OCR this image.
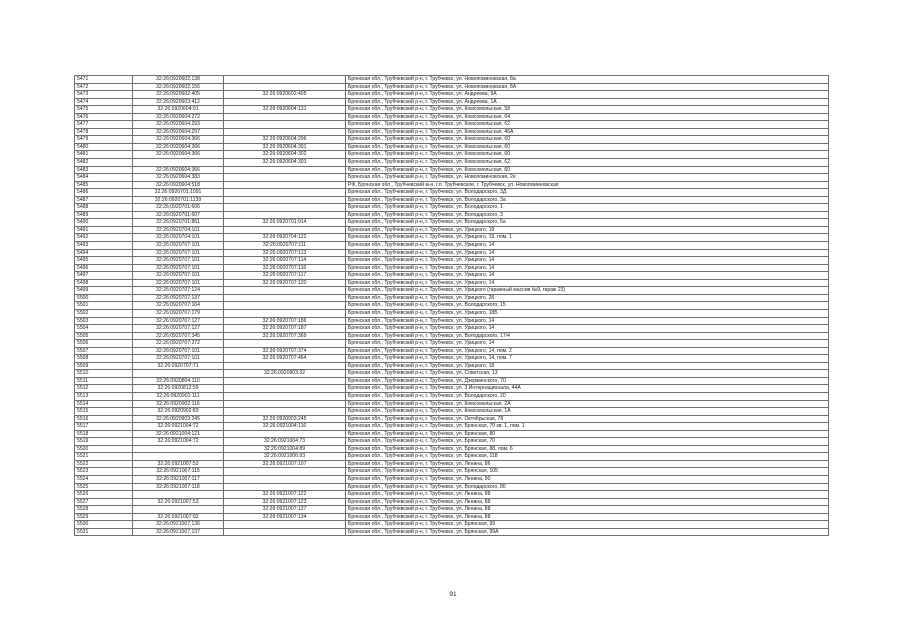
5471	32:26:0920602:138		Брянская обл., Трубчевский р-н, г. Трубчевск, ул. Новопоминовская, 8а
5472	32:26:0920602:156		Брянская обл., Трубчевский р-н, г. Трубчевск, ул. Новопоминовская, 8А
5473	32:26:0920602:405	32:26:0920602:405	Брянская обл., Трубчевский р-н, г. Трубчевск, ул. Андреева, 9А
5474	32:26:0920603:412		Брянская обл., Трубчевский р-н, г. Трубчевск, ул. Андреева, 1А
5475	32:26:0920604:91	32:26:0920604:131	Брянская обл., Трубчевский р-н, г. Трубчевск, ул. Комсомольская, 58
5476	32:26:0920604:272		Брянская обл., Трубчевский р-н, г. Трубчевск, ул. Комсомольская, 64
5477	32:26:0920604:293		Брянская обл., Трубчевский р-н, г. Трубчевск, ул. Комсомольская, 62
5478	32:26:0920604:297		Брянская обл., Трубчевский р-н, г. Трубчевск, ул. Комсомольская, 46А
5479	32:26:0920604:366	32:26:0920604:296	Брянская обл., Трубчевский р-н, г. Трубчевск, ул. Комсомольская, 60
5480	32:26:0920604:366	32:26:0920604:301	Брянская обл., Трубчевский р-н, г. Трубчевск, ул. Комсомольская, 60
5481	32:26:0920604:366	32:26:0920604:302	Брянская обл., Трубчевский р-н, г. Трубчевск, ул. Комсомольская, 60
5482		32:26:0920604:303	Брянская обл., Трубчевский р-н, г. Трубчевск, ул. Комсомольская, 62
5483	32:26:0920604:366		Брянская обл., Трубчевский р-н, г. Трубчевск, ул. Комсомольская, 60
5484	32:26:0920604:383		Брянская обл., Трубчевский р-н, г. Трубчевск, ул. Новопоминовская, 2е
5485	32:26:0920604:518		РФ, Брянская обл., Трубчевский м-н, г.п. Трубчевское, г. Трубчевск, ул. Новопоминовская
5486	32:26:0920701:1091		Брянская обл., Трубчевский р-н, г. Трубчевск, ул. Володарского, 3Д
5487	32:26:0920701:1139		Брянская обл., Трубчевский р-н, г. Трубчевск, ул. Володарского, 3а
5488	32:26:0920701:606		Брянская обл., Трубчевский р-н, г. Трубчевск, ул. Володарского, 1
5489	32:26:0920701:607		Брянская обл., Трубчевский р-н, г. Трубчевск, ул. Володарского, 3
5490	32:26:0920701:861	32:26:0920701:914	Брянская обл., Трубчевский р-н, г. Трубчевск, ул. Володарского, 5а
5491	32:26:0920704:101		Брянская обл., Трубчевский р-н, г. Трубчевск, ул. Урицкого, 19
5492	32:26:0920704:101	32:26:0920704:122	Брянская обл., Трубчевский р-н, г. Трубчевск, ул. Урицкого, 19, пом. 1
5493	32:26:0920707:101	32:26:0920707:111	Брянская обл., Трубчевский р-н, г. Трубчевск, ул. Урицкого, 14
5494	32:26:0920707:101	32:26:0920707:113	Брянская обл., Трубчевский р-н, г. Трубчевск, ул. Урицкого, 14
5495	32:26:0920707:101	32:26:0920707:114	Брянская обл., Трубчевский р-н, г. Трубчевск, ул. Урицкого, 14
5496	32:26:0920707:101	32:26:0920707:116	Брянская обл., Трубчевский р-н, г. Трубчевск, ул. Урицкого, 14
5497	32:26:0920707:101	32:26:0920707:117	Брянская обл., Трубчевский р-н, г. Трубчевск, ул. Урицкого, 14
5498	32:26:0920707:101	32:26:0920707:120	Брянская обл., Трубчевский р-н, г. Трубчевск, ул. Урицкого, 14
5499	32:26:0920707:124		Брянская обл., Трубчевский р-н, г. Трубчевск, ул. Урицкого (гаражный массив №9, гараж 23)
5500	32:26:0920707:137		Брянская обл., Трубчевский р-н, г. Трубчевск, ул. Урицкого, 26
5501	32:26:0920707:164		Брянская обл., Трубчевский р-н, г. Трубчевск, ул. Володарского, 15
5502	32:26:0920707:179		Брянская обл., Трубчевский р-н, г. Трубчевск, ул. Урицкого, 18Б
5503	32:26:0920707:127	32:26:0920707:186	Брянская обл., Трубчевский р-н, г. Трубчевск, ул. Урицкого, 14
5504	32:26:0920707:127	32:26:0920707:187	Брянская обл., Трубчевский р-н, г. Трубчевск, ул. Урицкого, 14
5505	32:26:0920707:345	32:26:0920707:369	Брянская обл., Трубчевский р-н, г. Трубчевск, ул. Володарского, 17/4
5506	32:26:0920707:372		Брянская обл., Трубчевский р-н, г. Трубчевск, ул. Урицкого, 14
5507	32:26:0920707:101	32:26:0920707:374	Брянская обл., Трубчевский р-н, г. Трубчевск, ул. Урицкого, 14, пом. 2
5508	32:26:0920707:101	32:26:0920707:464	Брянская обл., Трубчевский р-н, г. Трубчевск, ул. Урицкого, 14, пом. 7
5509	32:26:0920707:71		Брянская обл., Трубчевский р-н, г. Трубчевск, ул. Урицкого, 18
5510		32:26:0920803:32	Брянская обл., Трубчевский р-н, г. Трубчевск, ул. Советская, 13
5511	32:26:0920804:110		Брянская обл., Трубчевский р-н, г. Трубчевск, ул. Дзержинского, 70
5512	32:26:0920812:59		Брянская обл., Трубчевский р-н, г. Трубчевск, ул. 3 Интернационала, 44А
5513	32:26:0920901:111		Брянская обл., Трубчевский р-н, г. Трубчевск, ул. Володарского, 20
5514	32:26:0920902:116		Брянская обл., Трубчевский р-н, г. Трубчевск, ул. Комсомольская, 2А
5515	32:26:0920902:83		Брянская обл., Трубчевский р-н, г. Трубчевск, ул. Комсомольская, 1А
5516	32:26:0920903:245	32:26:0920903:245	Брянская обл., Трубчевский р-н, г. Трубчевск, ул. Октябрьская, 78
5517	32:26:0921004:72	32:26:0921004:116	Брянская обл., Трубчевский р-н, г. Трубчевск, ул. Брянская, 70 кв. 1, пом. 1
5518	32:26:0921004:121		Брянская обл., Трубчевский р-н, г. Трубчевск, ул. Брянская, 80
5519	32:26:0921004:72	32:26:0921004:73	Брянская обл., Трубчевский р-н, г. Трубчевск, ул. Брянская, 70
5520		32:26:0921004:89	Брянская обл., Трубчевский р-н, г. Трубчевск, ул. Брянская, 88, пом. 6
5521		32:26:0921006:93	Брянская обл., Трубчевский р-н, г. Трубчевск, ул. Брянская, 118
5522	32:26:0921007:53	32:26:0921007:107	Брянская обл., Трубчевский р-н, г. Трубчевск, ул. Ленина, 86
5523	32:26:0921007:115		Брянская обл., Трубчевский р-н, г. Трубчевск, ул. Брянская, 105
5524	32:26:0921007:117		Брянская обл., Трубчевский р-н, г. Трубчевск, ул. Ленина, 90
5525	32:26:0921007:118		Брянская обл., Трубчевский р-н, г. Трубчевск, ул. Володарского, 86
5526		32:26:0921007:122	Брянская обл., Трубчевский р-н, г. Трубчевск, ул. Ленина, 88
5527	32:26:0921007:53	32:26:0921007:123	Брянская обл., Трубчевский р-н, г. Трубчевск, ул. Ленина, 88
5528		32:26:0921007:127	Брянская обл., Трубчевский р-н, г. Трубчевск, ул. Ленина, 88
5529	32:26:0921007:92	32:26:0921007:134	Брянская обл., Трубчевский р-н, г. Трубчевск, ул. Ленина, 88
5530	32:26:0921007:136		Брянская обл., Трубчевский р-н, г. Трубчевск, ул. Брянская, 99
5531	32:26:0921007:137		Брянская обл., Трубчевский р-н, г. Трубчевск, ул. Брянская, 99А
91
